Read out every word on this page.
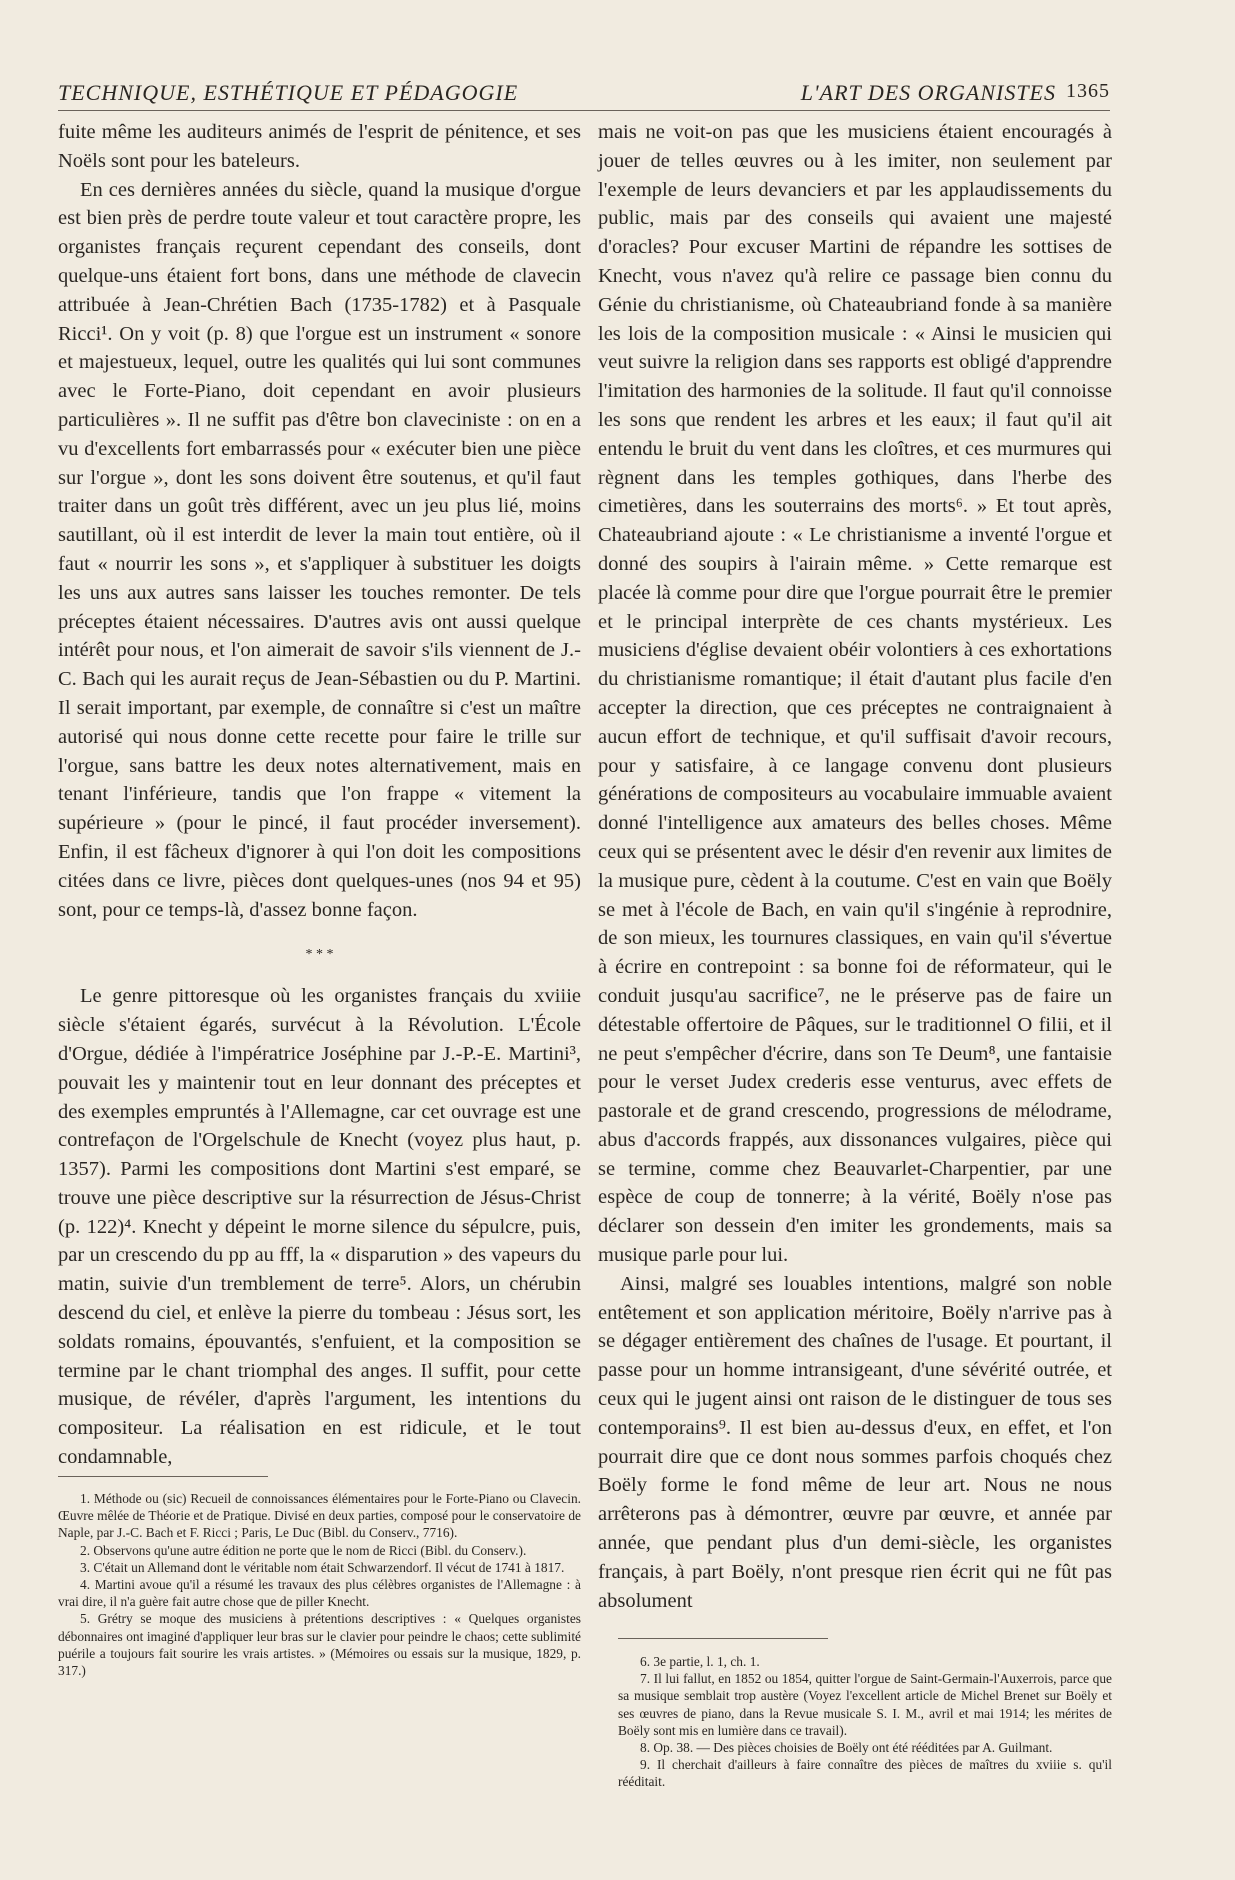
TECHNIQUE, ESTHÉTIQUE ET PÉDAGOGIE	L'ART DES ORGANISTES 1365

fuite même les auditeurs animés de l'esprit de pénitence, et ses Noëls sont pour les bateleurs.

En ces dernières années du siècle, quand la musique d'orgue est bien près de perdre toute valeur et tout caractère propre, les organistes français reçurent cependant des conseils, dont quelque-uns étaient fort bons, dans une méthode de clavecin attribuée à Jean-Chrétien Bach (1735-1782) et à Pasquale Ricci¹. On y voit (p. 8) que l'orgue est un instrument « sonore et majestueux, lequel, outre les qualités qui lui sont communes avec le Forte-Piano, doit cependant en avoir plusieurs particulières ». Il ne suffit pas d'être bon claveciniste : on en a vu d'excellents fort embarrassés pour « exécuter bien une pièce sur l'orgue », dont les sons doivent être soutenus, et qu'il faut traiter dans un goût très différent, avec un jeu plus lié, moins sautillant, où il est interdit de lever la main tout entière, où il faut « nourrir les sons », et s'appliquer à substituer les doigts les uns aux autres sans laisser les touches remonter. De tels préceptes étaient nécessaires. D'autres avis ont aussi quelque intérêt pour nous, et l'on aimerait de savoir s'ils viennent de J.-C. Bach qui les aurait reçus de Jean-Sébastien ou du P. Martini. Il serait important, par exemple, de connaître si c'est un maître autorisé qui nous donne cette recette pour faire le trille sur l'orgue, sans battre les deux notes alternativement, mais en tenant l'inférieure, tandis que l'on frappe « vitement la supérieure » (pour le pincé, il faut procéder inversement). Enfin, il est fâcheux d'ignorer à qui l'on doit les compositions citées dans ce livre, pièces dont quelques-unes (nos 94 et 95) sont, pour ce temps-là, d'assez bonne façon.

* * *

Le genre pittoresque où les organistes français du xviiie siècle s'étaient égarés, survécut à la Révolution. L'École d'Orgue, dédiée à l'impératrice Joséphine par J.-P.-E. Martini³, pouvait les y maintenir tout en leur donnant des préceptes et des exemples empruntés à l'Allemagne, car cet ouvrage est une contrefaçon de l'Orgelschule de Knecht (voyez plus haut, p. 1357). Parmi les compositions dont Martini s'est emparé, se trouve une pièce descriptive sur la résurrection de Jésus-Christ (p. 122)⁴. Knecht y dépeint le morne silence du sépulcre, puis, par un crescendo du pp au fff, la « disparution » des vapeurs du matin, suivie d'un tremblement de terre⁵. Alors, un chérubin descend du ciel, et enlève la pierre du tombeau : Jésus sort, les soldats romains, épouvantés, s'enfuient, et la composition se termine par le chant triomphal des anges. Il suffit, pour cette musique, de révéler, d'après l'argument, les intentions du compositeur. La réalisation en est ridicule, et le tout condamnable,

mais ne voit-on pas que les musiciens étaient encouragés à jouer de telles œuvres ou à les imiter, non seulement par l'exemple de leurs devanciers et par les applaudissements du public, mais par des conseils qui avaient une majesté d'oracles? Pour excuser Martini de répandre les sottises de Knecht, vous n'avez qu'à relire ce passage bien connu du Génie du christianisme, où Chateaubriand fonde à sa manière les lois de la composition musicale : « Ainsi le musicien qui veut suivre la religion dans ses rapports est obligé d'apprendre l'imitation des harmonies de la solitude. Il faut qu'il connoisse les sons que rendent les arbres et les eaux; il faut qu'il ait entendu le bruit du vent dans les cloîtres, et ces murmures qui règnent dans les temples gothiques, dans l'herbe des cimetières, dans les souterrains des morts⁶. » Et tout après, Chateaubriand ajoute : « Le christianisme a inventé l'orgue et donné des soupirs à l'airain même. » Cette remarque est placée là comme pour dire que l'orgue pourrait être le premier et le principal interprète de ces chants mystérieux. Les musiciens d'église devaient obéir volontiers à ces exhortations du christianisme romantique; il était d'autant plus facile d'en accepter la direction, que ces préceptes ne contraignaient à aucun effort de technique, et qu'il suffisait d'avoir recours, pour y satisfaire, à ce langage convenu dont plusieurs générations de compositeurs au vocabulaire immuable avaient donné l'intelligence aux amateurs des belles choses. Même ceux qui se présentent avec le désir d'en revenir aux limites de la musique pure, cèdent à la coutume. C'est en vain que Boëly se met à l'école de Bach, en vain qu'il s'ingénie à reprodnire, de son mieux, les tournures classiques, en vain qu'il s'évertue à écrire en contrepoint : sa bonne foi de réformateur, qui le conduit jusqu'au sacrifice⁷, ne le préserve pas de faire un détestable offertoire de Pâques, sur le traditionnel O filii, et il ne peut s'empêcher d'écrire, dans son Te Deum⁸, une fantaisie pour le verset Judex crederis esse venturus, avec effets de pastorale et de grand crescendo, progressions de mélodrame, abus d'accords frappés, aux dissonances vulgaires, pièce qui se termine, comme chez Beauvarlet-Charpentier, par une espèce de coup de tonnerre; à la vérité, Boëly n'ose pas déclarer son dessein d'en imiter les grondements, mais sa musique parle pour lui.

Ainsi, malgré ses louables intentions, malgré son noble entêtement et son application méritoire, Boëly n'arrive pas à se dégager entièrement des chaînes de l'usage. Et pourtant, il passe pour un homme intransigeant, d'une sévérité outrée, et ceux qui le jugent ainsi ont raison de le distinguer de tous ses contemporains⁹. Il est bien au-dessus d'eux, en effet, et l'on pourrait dire que ce dont nous sommes parfois choqués chez Boëly forme le fond même de leur art. Nous ne nous arrêterons pas à démontrer, œuvre par œuvre, et année par année, que pendant plus d'un demi-siècle, les organistes français, à part Boëly, n'ont presque rien écrit qui ne fût pas absolument

1. Méthode ou (sic) Recueil de connoissances élémentaires pour le Forte-Piano ou Clavecin. Œuvre mêlée de Théorie et de Pratique. Divisé en deux parties, composé pour le conservatoire de Naple, par J.-C. Bach et F. Ricci ; Paris, Le Duc (Bibl. du Conserv., 7716).

2. Observons qu'une autre édition ne porte que le nom de Ricci (Bibl. du Conserv.).

3. C'était un Allemand dont le véritable nom était Schwarzendorf. Il vécut de 1741 à 1817.

4. Martini avoue qu'il a résumé les travaux des plus célèbres organistes de l'Allemagne : à vrai dire, il n'a guère fait autre chose que de piller Knecht.

5. Grétry se moque des musiciens à prétentions descriptives : « Quelques organistes débonnaires ont imaginé d'appliquer leur bras sur le clavier pour peindre le chaos; cette sublimité puérile a toujours fait sourire les vrais artistes. » (Mémoires ou essais sur la musique, 1829, p. 317.)

6. 3e partie, l. 1, ch. 1.

7. Il lui fallut, en 1852 ou 1854, quitter l'orgue de Saint-Germain-l'Auxerrois, parce que sa musique semblait trop austère (Voyez l'excellent article de Michel Brenet sur Boëly et ses œuvres de piano, dans la Revue musicale S. I. M., avril et mai 1914; les mérites de Boëly sont mis en lumière dans ce travail).

8. Op. 38. — Des pièces choisies de Boëly ont été rééditées par A. Guilmant.

9. Il cherchait d'ailleurs à faire connaître des pièces de maîtres du xviiie s. qu'il rééditait.
